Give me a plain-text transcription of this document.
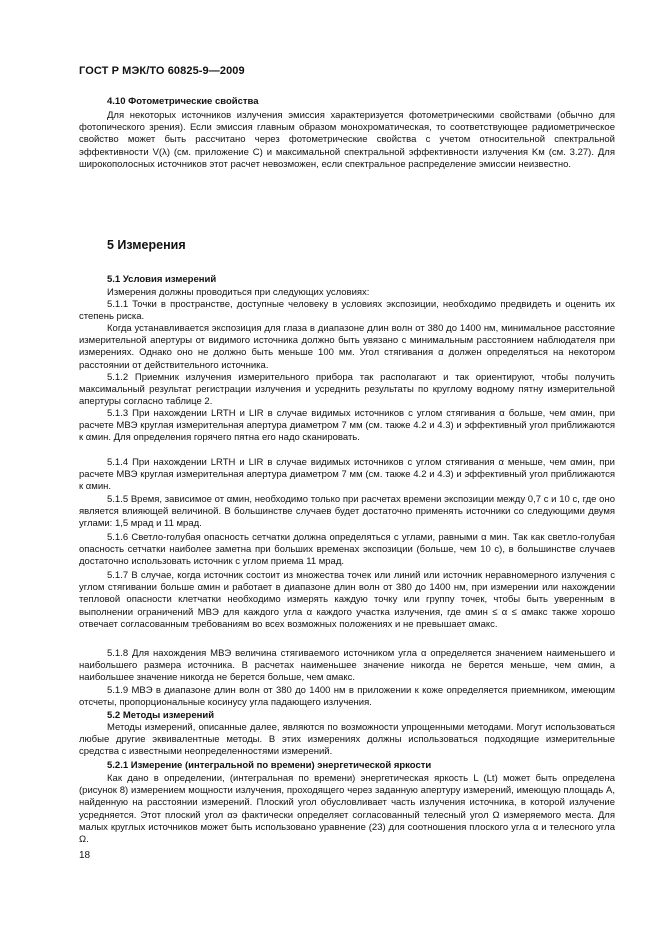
ГОСТ Р МЭК/ТО 60825-9—2009
4.10 Фотометрические свойства

Для некоторых источников излучения эмиссия характеризуется фотометрическими свойствами (обычно для фотопического зрения). Если эмиссия главным образом монохроматическая, то соответствующее радиометрическое свойство может быть рассчитано через фотометрические свойства с учетом относительной спектральной эффективности V(λ) (см. приложение С) и максимальной спектральной эффективности излучения Kм (см. 3.27). Для широкополосных источников этот расчет невозможен, если спектральное распределение эмиссии неизвестно.

5 Измерения
5.1 Условия измерений

Измерения должны проводиться при следующих условиях:

5.1.1 Точки в пространстве, доступные человеку в условиях экспозиции, необходимо предвидеть и оценить их степень риска.

Когда устанавливается экспозиция для глаза в диапазоне длин волн от 380 до 1400 нм, минимальное расстояние измерительной апертуры от видимого источника должно быть увязано с минимальным расстоянием наблюдателя при измерениях. Однако оно не должно быть меньше 100 мм. Угол стягивания α должен определяться на некотором расстоянии от действительного источника.

5.1.2 Приемник излучения измерительного прибора так располагают и так ориентируют, чтобы получить максимальный результат регистрации излучения и усреднить результаты по круглому водному пятну измерительной апертуры согласно таблице 2.

5.1.3 При нахождении LRTH и LIR в случае видимых источников с углом стягивания α больше, чем αмин, при расчете МВЭ круглая измерительная апертура диаметром 7 мм (см. также 4.2 и 4.3) и эффективный угол приближаются к αмин. Для определения горячего пятна его надо сканировать.

5.1.4 При нахождении LRTH и LIR в случае видимых источников с углом стягивания α меньше, чем αмин, при расчете МВЭ круглая измерительная апертура диаметром 7 мм (см. также 4.2 и 4.3) и эффективный угол приближаются к αмин.

5.1.5 Время, зависимое от αмин, необходимо только при расчетах времени экспозиции между 0,7 с и 10 с, где оно является влияющей величиной. В большинстве случаев будет достаточно применять источники со следующими двумя углами: 1,5 мрад и 11 мрад.

5.1.6 Светло-голубая опасность сетчатки должна определяться с углами, равными α мин. Так как светло-голубая опасность сетчатки наиболее заметна при больших временах экспозиции (больше, чем 10 с), в большинстве случаев достаточно использовать источник с углом приема 11 мрад.

5.1.7 В случае, когда источник состоит из множества точек или линий или источник неравномерного излучения с углом стягивании больше αмин и работает в диапазоне длин волн от 380 до 1400 нм, при измерении или нахождении тепловой опасности клетчатки необходимо измерять каждую точку или группу точек, чтобы быть уверенным в выполнении ограничений МВЭ для каждого угла α каждого участка излучения, где αмин ≤ α ≤ αмакс также хорошо отвечает согласованным требованиям во всех возможных положениях и не превышает αмакс.

5.1.8 Для нахождения МВЭ величина стягиваемого источником угла α определяется значением наименьшего и наибольшего размера источника. В расчетах наименьшее значение никогда не берется меньше, чем αмин, а наибольшее значение никогда не берется больше, чем αмакс.

5.1.9 МВЭ в диапазоне длин волн от 380 до 1400 нм в приложении к коже определяется приемником, имеющим отсчеты, пропорциональные косинусу угла падающего излучения.

5.2 Методы измерений

Методы измерений, описанные далее, являются по возможности упрощенными методами. Могут использоваться любые другие эквивалентные методы. В этих измерениях должны использоваться подходящие измерительные средства с известными неопределенностями измерений.

5.2.1 Измерение (интегральной по времени) энергетической яркости

Как дано в определении, (интегральная по времени) энергетическая яркость L (Lt) может быть определена (рисунок 8) измерением мощности излучения, проходящего через заданную апертуру измерений, имеющую площадь A, найденную на расстоянии измерений. Плоский угол обусловливает часть излучения источника, в которой излучение усредняется. Этот плоский угол αэ фактически определяет согласованный телесный угол Ω измеряемого места. Для малых круглых источников может быть использовано уравнение (23) для соотношения плоского угла α и телесного угла Ω.

18
